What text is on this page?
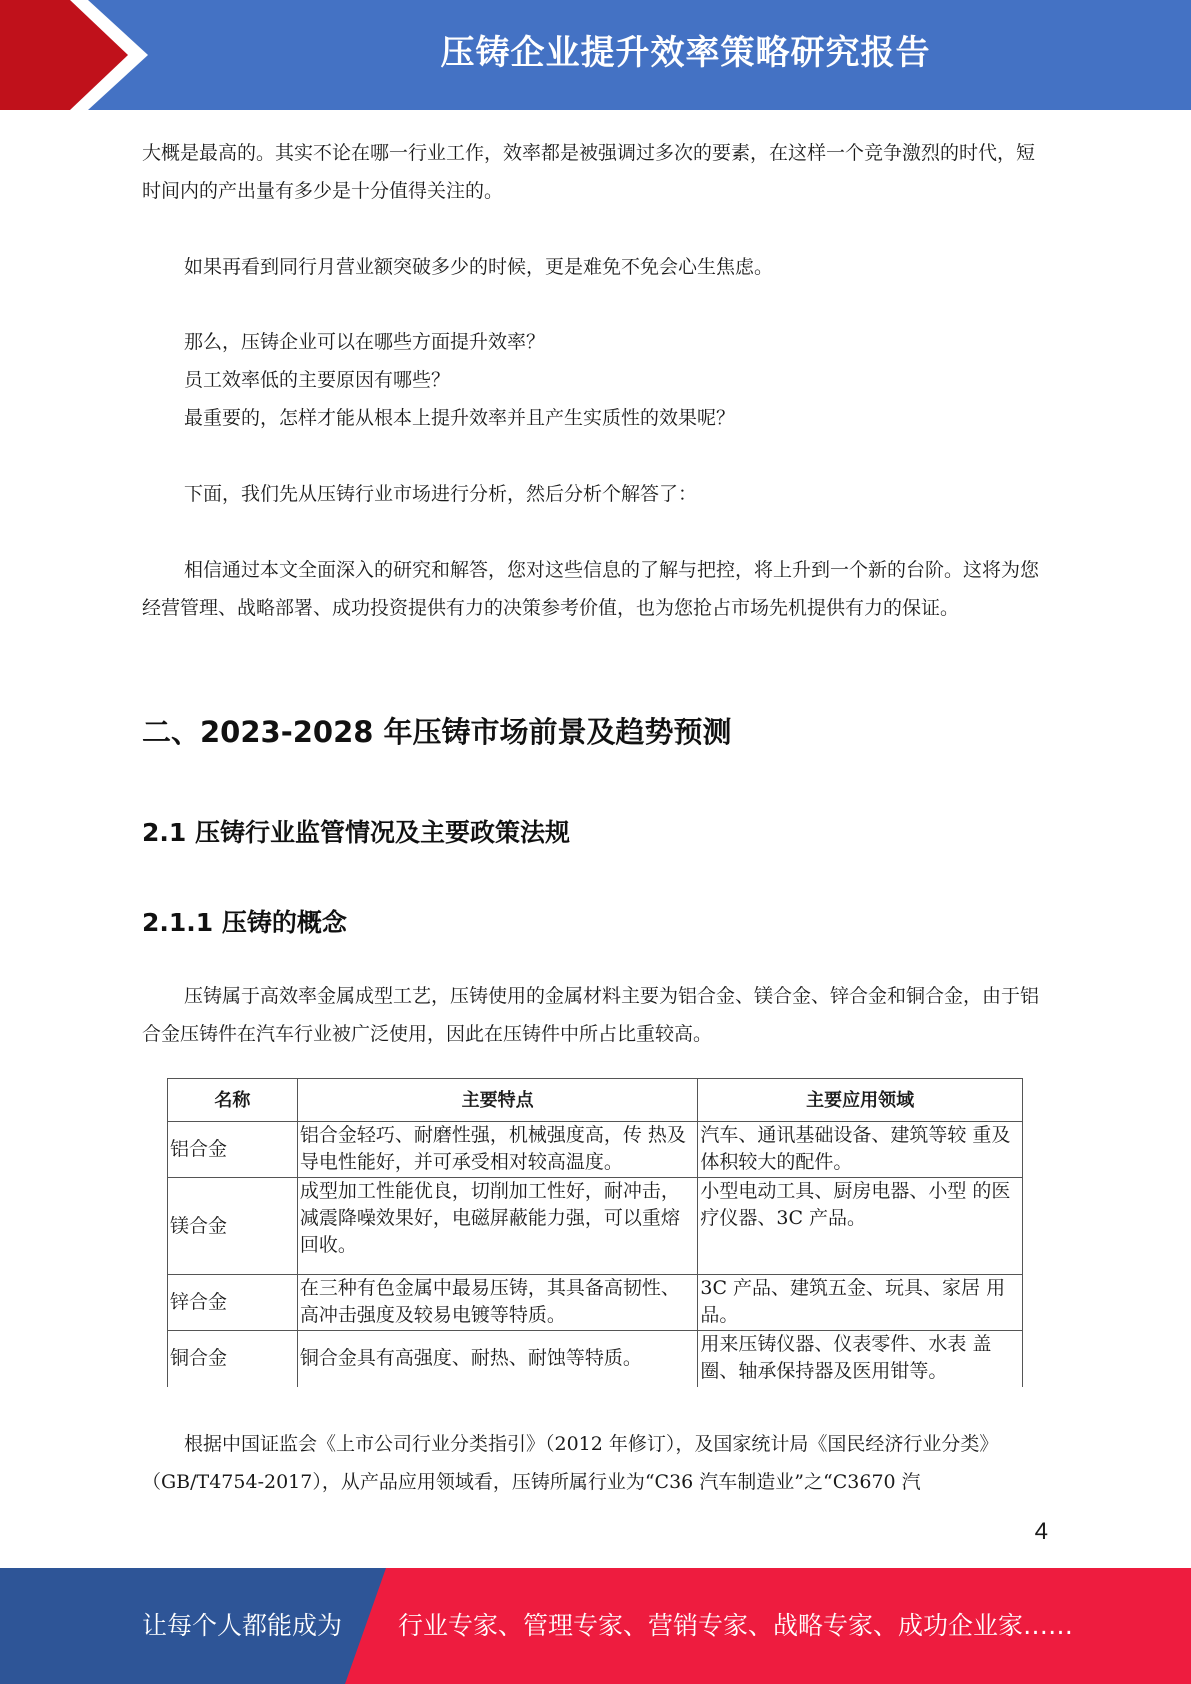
压铸企业提升效率策略研究报告

大概是最高的。其实不论在哪一行业工作，效率都是被强调过多次的要素，在这样一个竞争激烈的时代，短时间内的产出量有多少是十分值得关注的。

如果再看到同行月营业额突破多少的时候，更是难免不免会心生焦虑。

那么，压铸企业可以在哪些方面提升效率？

员工效率低的主要原因有哪些？

最重要的，怎样才能从根本上提升效率并且产生实质性的效果呢？

下面，我们先从压铸行业市场进行分析，然后分析个解答了：

相信通过本文全面深入的研究和解答，您对这些信息的了解与把控，将上升到一个新的台阶。这将为您经营管理、战略部署、成功投资提供有力的决策参考价值，也为您抢占市场先机提供有力的保证。

二、2023-2028 年压铸市场前景及趋势预测
2.1 压铸行业监管情况及主要政策法规
2.1.1 压铸的概念

压铸属于高效率金属成型工艺，压铸使用的金属材料主要为铝合金、镁合金、锌合金和铜合金，由于铝合金压铸件在汽车行业被广泛使用，因此在压铸件中所占比重较高。

名称	主要特点	主要应用领域
铝合金	铝合金轻巧、耐磨性强，机械强度高，传 热及导电性能好，并可承受相对较高温度。	汽车、通讯基础设备、建筑等较 重及体积较大的配件。
镁合金	成型加工性能优良，切削加工性好，耐冲击，减震降噪效果好，电磁屏蔽能力强，可以重熔回收。	小型电动工具、厨房电器、小型 的医疗仪器、3C 产品。
锌合金	在三种有色金属中最易压铸，其具备高韧性、高冲击强度及较易电镀等特质。	3C 产品、建筑五金、玩具、家居 用品。
铜合金	铜合金具有高强度、耐热、耐蚀等特质。	用来压铸仪器、仪表零件、水表 盖圈、轴承保持器及医用钳等。

根据中国证监会《上市公司行业分类指引》（2012 年修订），及国家统计局《国民经济行业分类》（GB/T4754-2017），从产品应用领域看，压铸所属行业为“C36 汽车制造业”之“C3670 汽

4
让每个人都能成为 行业专家、管理专家、营销专家、战略专家、成功企业家……
